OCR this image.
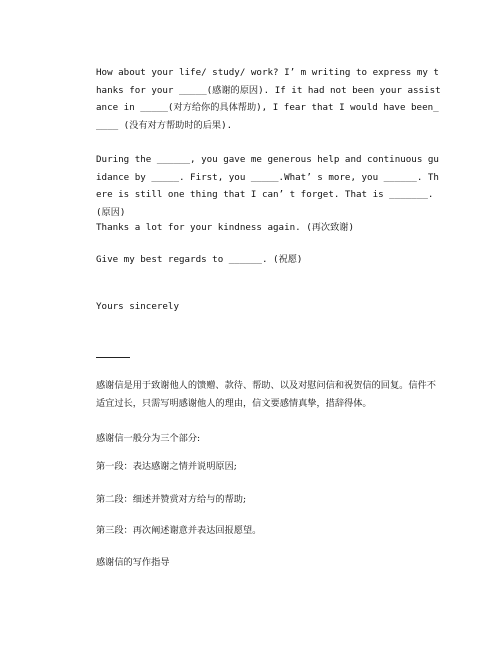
How about your life/ study/ work? I’ m writing to express my thanks for your _____(感谢的原因). If it had not been your assistance in _____(对方给你的具体帮助), I fear that I would have been_____ (没有对方帮助时的后果).

During the ______, you gave me generous help and continuous guidance by _____. First, you _____.What’ s more, you ______. There is still one thing that I can’ t forget. That is _______. (原因)

Thanks a lot for your kindness again. (再次致谢)

Give my best regards to ______. (祝愿)

Yours sincerely

感谢信是用于致谢他人的馈赠、款待、帮助、以及对慰问信和祝贺信的回复。信件不适宜过长，只需写明感谢他人的理由，信文要感情真挚，措辞得体。

感谢信一般分为三个部分:

第一段：表达感谢之情并说明原因;

第二段：细述并赞赏对方给与的帮助;

第三段：再次阐述谢意并表达回报愿望。

感谢信的写作指导
